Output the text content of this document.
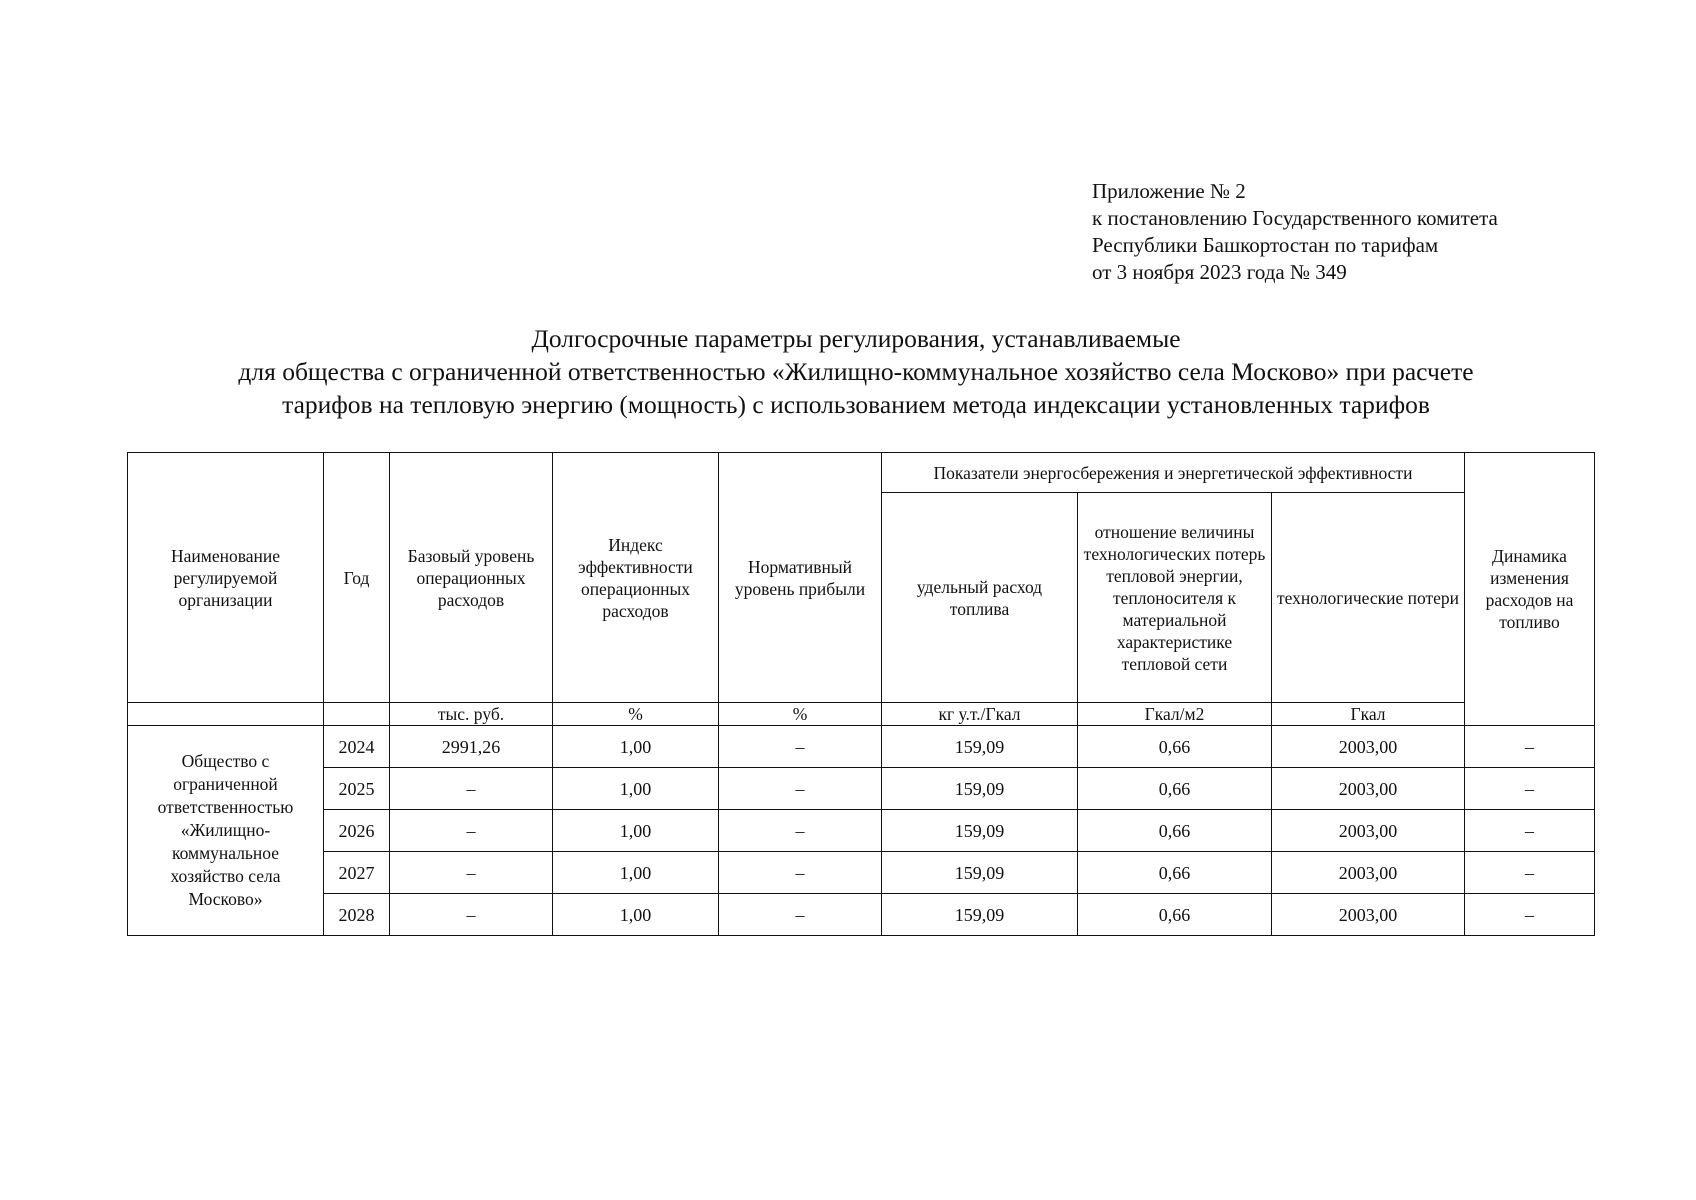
Приложение № 2
к постановлению Государственного комитета
Республики Башкортостан по тарифам
от 3 ноября 2023 года № 349
Долгосрочные параметры регулирования, устанавливаемые
для общества с ограниченной ответственностью «Жилищно-коммунальное хозяйство села Московo» при расчете
тарифов на тепловую энергию (мощность) с использованием метода индексации установленных тарифов
Наименование регулируемой организации	Год	Базовый уровень операционных расходов	Индекс эффективности операционных расходов	Нормативный уровень прибыли	Показатели энергосбережения и энергетической эффективности			Динамика изменения расходов на топливо
					удельный расход топлива	отношение величины технологических потерь тепловой энергии, теплоносителя к материальной характеристике тепловой сети	технологические потери	
		тыс. руб.	%	%	кг у.т./Гкал	Гкал/м2	Гкал	
Общество с ограниченной ответственностью «Жилищно-коммунальное хозяйство села Москово»	2024	2991,26	1,00	–	159,09	0,66	2003,00	–
	2025	–	1,00	–	159,09	0,66	2003,00	–
	2026	–	1,00	–	159,09	0,66	2003,00	–
	2027	–	1,00	–	159,09	0,66	2003,00	–
	2028	–	1,00	–	159,09	0,66	2003,00	–
